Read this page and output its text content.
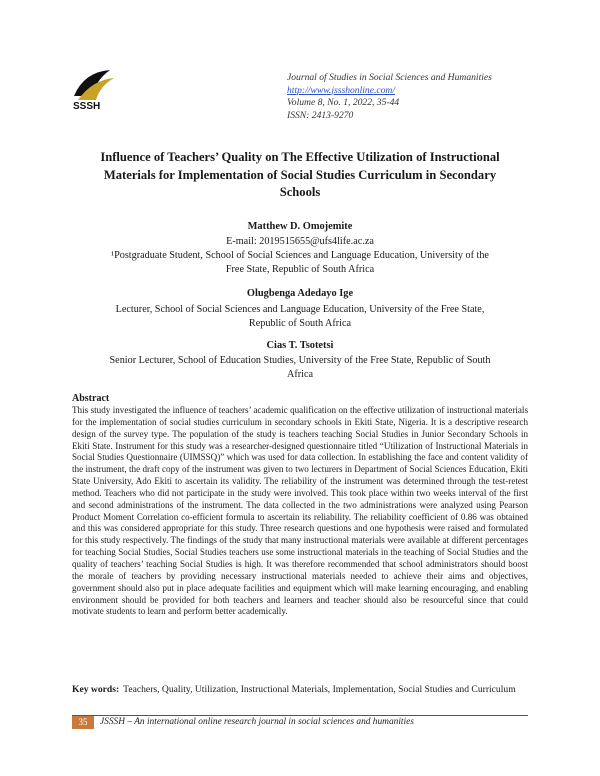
SSSH
Journal of Studies in Social Sciences and Humanities
http://www.jssshonline.com/
Volume 8, No. 1, 2022, 35-44
ISSN: 2413-9270
Influence of Teachers’ Quality on The Effective Utilization of Instructional
Materials for Implementation of Social Studies Curriculum in Secondary
Schools
Matthew D. Omojemite
E-mail: 2019515655@ufs4life.ac.za
¹Postgraduate Student, School of Social Sciences and Language Education, University of the
Free State, Republic of South Africa
Olugbenga Adedayo Ige
Lecturer, School of Social Sciences and Language Education, University of the Free State,
Republic of South Africa
Cias T. Tsotetsi
Senior Lecturer, School of Education Studies, University of the Free State, Republic of South
Africa
Abstract
This study investigated the influence of teachers’ academic qualification on the effective utilization of instructional materials for the implementation of social studies curriculum in secondary schools in Ekiti State, Nigeria. It is a descriptive research design of the survey type. The population of the study is teachers teaching Social Studies in Junior Secondary Schools in Ekiti State. Instrument for this study was a researcher-designed questionnaire titled “Utilization of Instructional Materials in Social Studies Questionnaire (UIMSSQ)” which was used for data collection. In establishing the face and content validity of the instrument, the draft copy of the instrument was given to two lecturers in Department of Social Sciences Education, Ekiti State University, Ado Ekiti to ascertain its validity. The reliability of the instrument was determined through the test-retest method. Teachers who did not participate in the study were involved. This took place within two weeks interval of the first and second administrations of the instrument. The data collected in the two administrations were analyzed using Pearson Product Moment Correlation co-efficient formula to ascertain its reliability. The reliability coefficient of 0.86 was obtained and this was considered appropriate for this study. Three research questions and one hypothesis were raised and formulated for this study respectively. The findings of the study that many instructional materials were available at different percentages for teaching Social Studies, Social Studies teachers use some instructional materials in the teaching of Social Studies and the quality of teachers’ teaching Social Studies is high. It was therefore recommended that school administrators should boost the morale of teachers by providing necessary instructional materials needed to achieve their aims and objectives, government should also put in place adequate facilities and equipment which will make learning encouraging, and enabling environment should be provided for both teachers and learners and teacher should also be resourceful since that could motivate students to learn and perform better academically.
Key words: Teachers, Quality, Utilization, Instructional Materials, Implementation, Social Studies and Curriculum
35	JSSSH – An international online research journal in social sciences and humanities
